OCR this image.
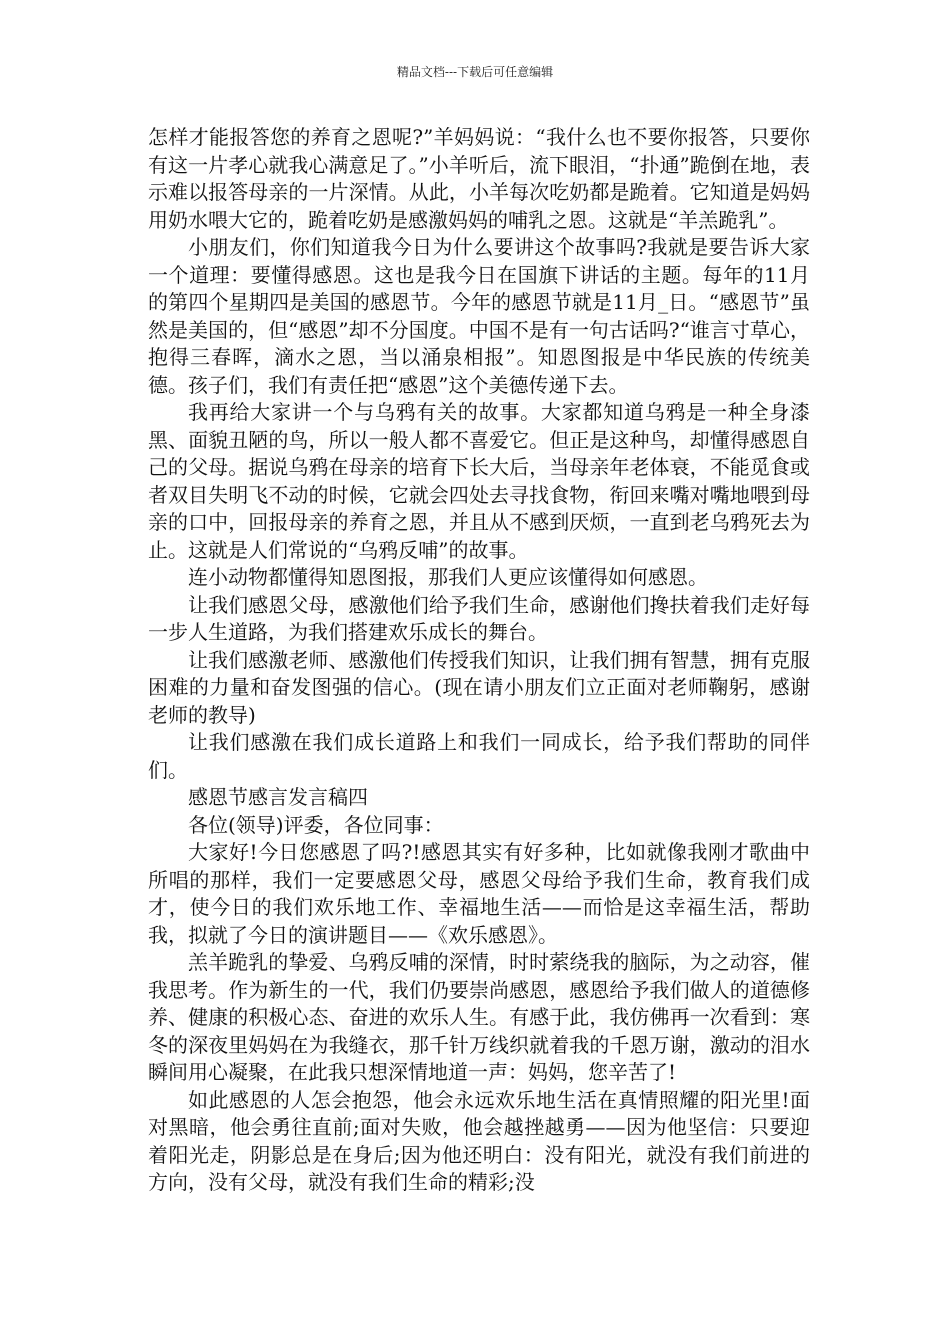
精品文档---下载后可任意编辑

怎样才能报答您的养育之恩呢?”羊妈妈说：“我什么也不要你报答，只要你有这一片孝心就我心满意足了。”小羊听后，流下眼泪，“扑通”跪倒在地，表示难以报答母亲的一片深情。从此，小羊每次吃奶都是跪着。它知道是妈妈用奶水喂大它的，跪着吃奶是感激妈妈的哺乳之恩。这就是“羊羔跪乳”。

小朋友们，你们知道我今日为什么要讲这个故事吗?我就是要告诉大家一个道理：要懂得感恩。这也是我今日在国旗下讲话的主题。每年的11月的第四个星期四是美国的感恩节。今年的感恩节就是11月_日。“感恩节”虽然是美国的，但“感恩”却不分国度。中国不是有一句古话吗?“谁言寸草心，抱得三春晖，滴水之恩，当以涌泉相报”。知恩图报是中华民族的传统美德。孩子们，我们有责任把“感恩”这个美德传递下去。

我再给大家讲一个与乌鸦有关的故事。大家都知道乌鸦是一种全身漆黑、面貌丑陋的鸟，所以一般人都不喜爱它。但正是这种鸟，却懂得感恩自己的父母。据说乌鸦在母亲的培育下长大后，当母亲年老体衰，不能觅食或者双目失明飞不动的时候，它就会四处去寻找食物，衔回来嘴对嘴地喂到母亲的口中，回报母亲的养育之恩，并且从不感到厌烦，一直到老乌鸦死去为止。这就是人们常说的“乌鸦反哺”的故事。

连小动物都懂得知恩图报，那我们人更应该懂得如何感恩。

让我们感恩父母，感激他们给予我们生命，感谢他们搀扶着我们走好每一步人生道路，为我们搭建欢乐成长的舞台。

让我们感激老师、感激他们传授我们知识，让我们拥有智慧，拥有克服困难的力量和奋发图强的信心。(现在请小朋友们立正面对老师鞠躬，感谢老师的教导)

让我们感激在我们成长道路上和我们一同成长，给予我们帮助的同伴们。

感恩节感言发言稿四

各位(领导)评委，各位同事：

大家好!今日您感恩了吗?!感恩其实有好多种，比如就像我刚才歌曲中所唱的那样，我们一定要感恩父母，感恩父母给予我们生命，教育我们成才，使今日的我们欢乐地工作、幸福地生活——而恰是这幸福生活，帮助我，拟就了今日的演讲题目——《欢乐感恩》。

羔羊跪乳的挚爱、乌鸦反哺的深情，时时萦绕我的脑际，为之动容，催我思考。作为新生的一代，我们仍要崇尚感恩，感恩给予我们做人的道德修养、健康的积极心态、奋进的欢乐人生。有感于此，我仿佛再一次看到：寒冬的深夜里妈妈在为我缝衣，那千针万线织就着我的千恩万谢，激动的泪水瞬间用心凝聚，在此我只想深情地道一声：妈妈，您辛苦了!

如此感恩的人怎会抱怨，他会永远欢乐地生活在真情照耀的阳光里!面对黑暗，他会勇往直前;面对失败，他会越挫越勇——因为他坚信：只要迎着阳光走，阴影总是在身后;因为他还明白：没有阳光，就没有我们前进的方向，没有父母，就没有我们生命的精彩;没
